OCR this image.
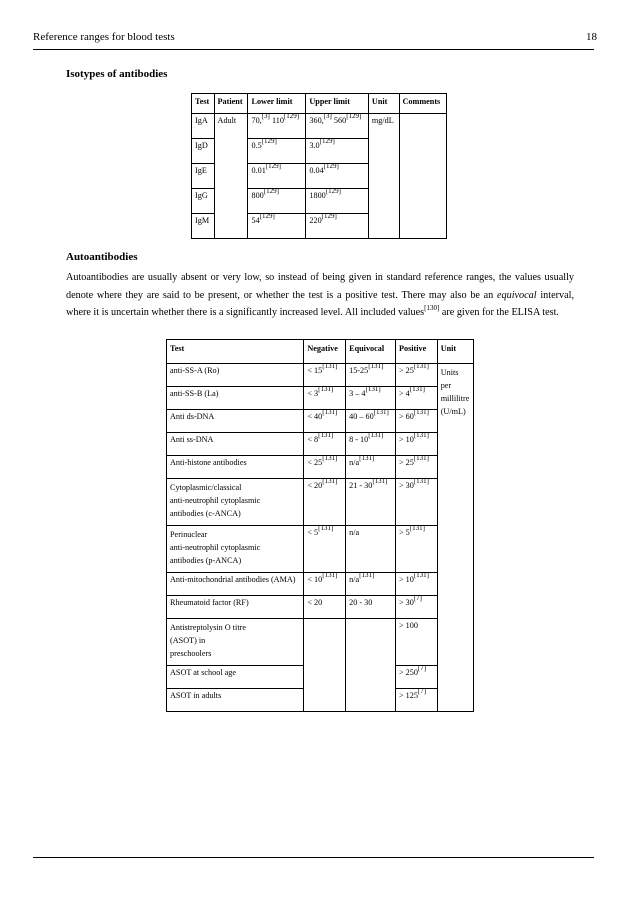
Reference ranges for blood tests	18
Isotypes of antibodies
Test	Patient	Lower limit	Upper limit	Unit	Comments
IgA	Adult	70,[3] 110[129]	360,[3] 560[129]	mg/dL	
IgD		0.5[129]	3.0[129]
IgE		0.01[129]	0.04[129]
IgG		800[129]	1800[129]
IgM		54[129]	220[129]
Autoantibodies
Autoantibodies are usually absent or very low, so instead of being given in standard reference ranges, the values usually denote where they are said to be present, or whether the test is a positive test. There may also be an equivocal interval, where it is uncertain whether there is a significantly increased level. All included values[130] are given for the ELISA test.
Test	Negative	Equivocal	Positive	Unit
anti-SS-A (Ro)	< 15[131]	15-25[131]	> 25[131]	Units
per
millilitre
(U/mL)
anti-SS-B (La)	< 3[131]	3 – 4[131]	> 4[131]
Anti ds-DNA	< 40[131]	40 – 60[131]	> 60[131]
Anti ss-DNA	< 8[131]	8 - 10[131]	> 10[131]
Anti-histone antibodies	< 25[131]	n/a[131]	> 25[131]
Cytoplasmic/classical
anti-neutrophil cytoplasmic
antibodies (c-ANCA)	< 20[131]	21 - 30[131]	> 30[131]
Perinuclear
anti-neutrophil cytoplasmic
antibodies (p-ANCA)	< 5[131]	n/a	> 5[131]
Anti-mitochondrial antibodies (AMA)	< 10[131]	n/a[131]	> 10[131]
Rheumatoid factor (RF)	< 20	20 - 30	> 30[7]
Antistreptolysin O titre
(ASOT) in
preschoolers			> 100	
ASOT at school age			> 250[7]
ASOT in adults			> 125[7]
